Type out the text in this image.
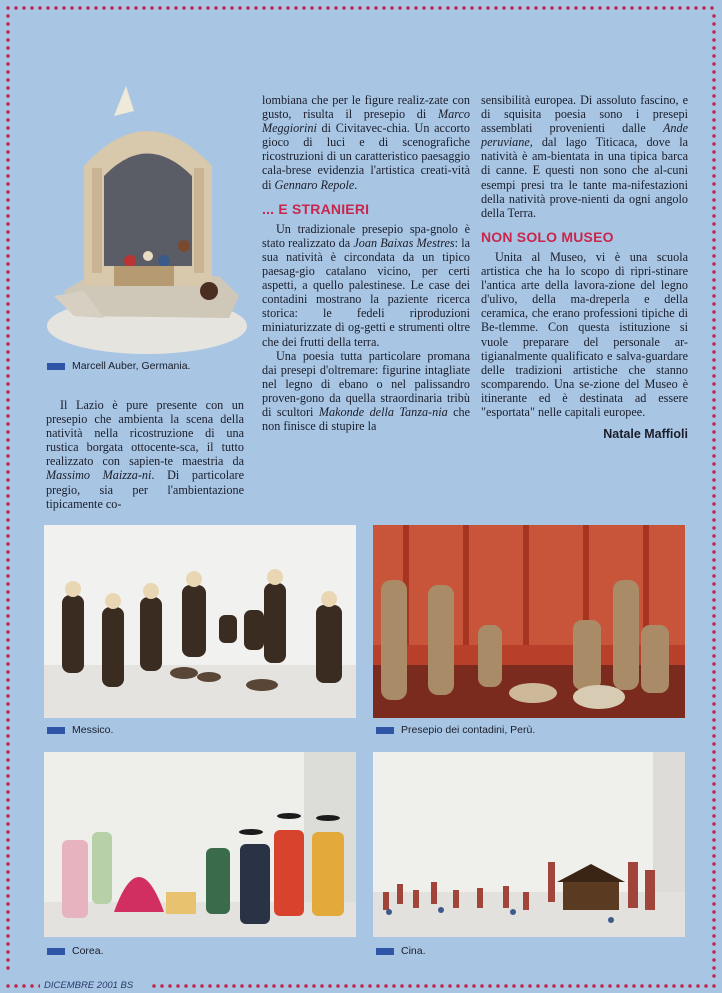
Marcell Auber, Germania.

Il Lazio è pure presente con un presepio che ambienta la scena della natività nella ricostruzione di una rustica borgata ottocente-sca, il tutto realizzato con sapien-te maestria da Massimo Maizza-ni. Di particolare pregio, sia per l'ambientazione tipicamente co-

lombiana che per le figure realiz-zate con gusto, risulta il presepio di Marco Meggiorini di Civitavec-chia. Un accorto gioco di luci e di scenografiche ricostruzioni di un caratteristico paesaggio cala-brese evidenzia l'artistica creati-vità di Gennaro Repole.

... E STRANIERI

Un tradizionale presepio spa-gnolo è stato realizzato da Joan Baixas Mestres: la sua natività è circondata da un tipico paesag-gio catalano vicino, per certi aspetti, a quello palestinese. Le case dei contadini mostrano la paziente ricerca storica: le fedeli riproduzioni miniaturizzate di og-getti e strumenti oltre che dei frutti della terra.

Una poesia tutta particolare promana dai presepi d'oltremare: figurine intagliate nel legno di ebano o nel palissandro proven-gono da quella straordinaria tribù di scultori Makonde della Tanza-nia che non finisce di stupire la

sensibilità europea. Di assoluto fascino, e di squisita poesia sono i presepi assemblati provenienti dalle Ande peruviane, dal lago Titicaca, dove la natività è am-bientata in una tipica barca di canne. E questi non sono che al-cuni esempi presi tra le tante ma-nifestazioni della natività prove-nienti da ogni angolo della Terra.

NON SOLO MUSEO

Unita al Museo, vi è una scuola artistica che ha lo scopo di ripri-stinare l'antica arte della lavora-zione del legno d'ulivo, della ma-dreperla e della ceramica, che erano professioni tipiche di Be-tlemme. Con questa istituzione si vuole preparare del personale ar-tigianalmente qualificato e salva-guardare delle tradizioni artistiche che stanno scomparendo. Una se-zione del Museo è itinerante ed è destinata ad essere "esportata" nelle capitali europee.

Natale Maffioli
Messico.	Presepio dei contadini, Perù.
Corea.	Cina.
DICEMBRE 2001 BS
